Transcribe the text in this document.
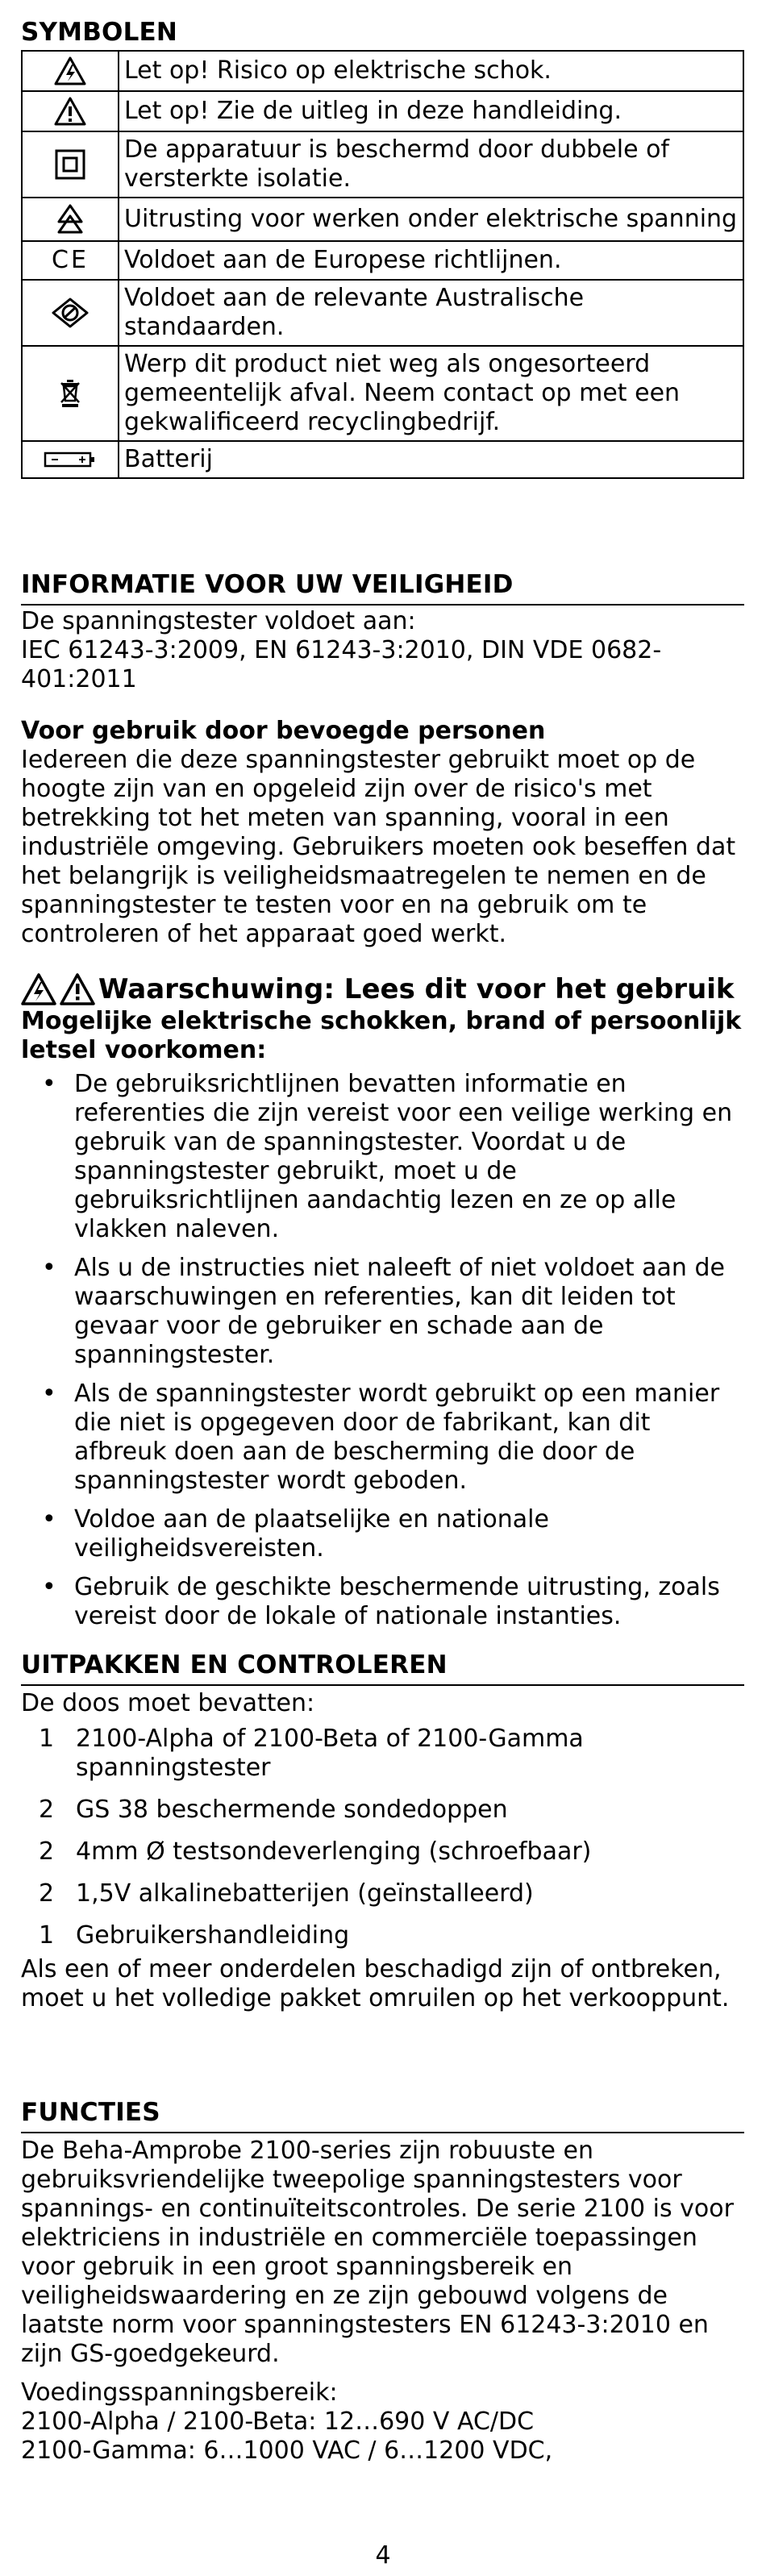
SYMBOLEN
	Let op! Risico op elektrische schok.

	Let op! Zie de uitleg in deze handleiding.

	De apparatuur is beschermd door dubbele of versterkte isolatie.

	Uitrusting voor werken onder elektrische spanning
CE	Voldoet aan de Europese richtlijnen.

	Voldoet aan de relevante Australische standaarden.

	Werp dit product niet weg als ongesorteerd gemeentelijk afval. Neem contact op met een gekwalificeerd recyclingbedrijf.

	Batterij
INFORMATIE VOOR UW VEILIGHEID

De spanningstester voldoet aan:

IEC 61243-3:2009, EN 61243-3:2010, DIN VDE 0682-401:2011

Voor gebruik door bevoegde personen

Iedereen die deze spanningstester gebruikt moet op de hoogte zijn van en opgeleid zijn over de risico's met betrekking tot het meten van spanning, vooral in een industriële omgeving. Gebruikers moeten ook beseffen dat het belangrijk is veiligheidsmaatregelen te nemen en de spanningstester te testen voor en na gebruik om te controleren of het apparaat goed werkt.

Waarschuwing: Lees dit voor het gebruik

Mogelijke elektrische schokken, brand of persoonlijk letsel voorkomen:

• De gebruiksrichtlijnen bevatten informatie en referenties die zijn vereist voor een veilige werking en gebruik van de spanningstester. Voordat u de spanningstester gebruikt, moet u de gebruiksrichtlijnen aandachtig lezen en ze op alle vlakken naleven.
• Als u de instructies niet naleeft of niet voldoet aan de waarschuwingen en referenties, kan dit leiden tot gevaar voor de gebruiker en schade aan de spanningstester.
• Als de spanningstester wordt gebruikt op een manier die niet is opgegeven door de fabrikant, kan dit afbreuk doen aan de bescherming die door de spanningstester wordt geboden.
• Voldoe aan de plaatselijke en nationale veiligheidsvereisten.
• Gebruik de geschikte beschermende uitrusting, zoals vereist door de lokale of nationale instanties.
UITPAKKEN EN CONTROLEREN

De doos moet bevatten:

1 2100-Alpha of 2100-Beta of 2100-Gamma spanningstester
2 GS 38 beschermende sondedoppen
2 4mm Ø testsondeverlenging (schroefbaar)
2 1,5V alkalinebatterijen (geïnstalleerd)
1 Gebruikershandleiding

Als een of meer onderdelen beschadigd zijn of ontbreken, moet u het volledige pakket omruilen op het verkooppunt.

FUNCTIES

De Beha-Amprobe 2100-series zijn robuuste en gebruiksvriendelijke tweepolige spanningstesters voor spannings- en continuïteitscontroles. De serie 2100 is voor elektriciens in industriële en commerciële toepassingen voor gebruik in een groot spanningsbereik en veiligheidswaardering en ze zijn gebouwd volgens de laatste norm voor spanningstesters EN 61243-3:2010 en zijn GS-goedgekeurd.

Voedingsspanningsbereik:

2100-Alpha / 2100-Beta: 12…690 V AC/DC

2100-Gamma: 6…1000 VAC / 6…1200 VDC,

4
